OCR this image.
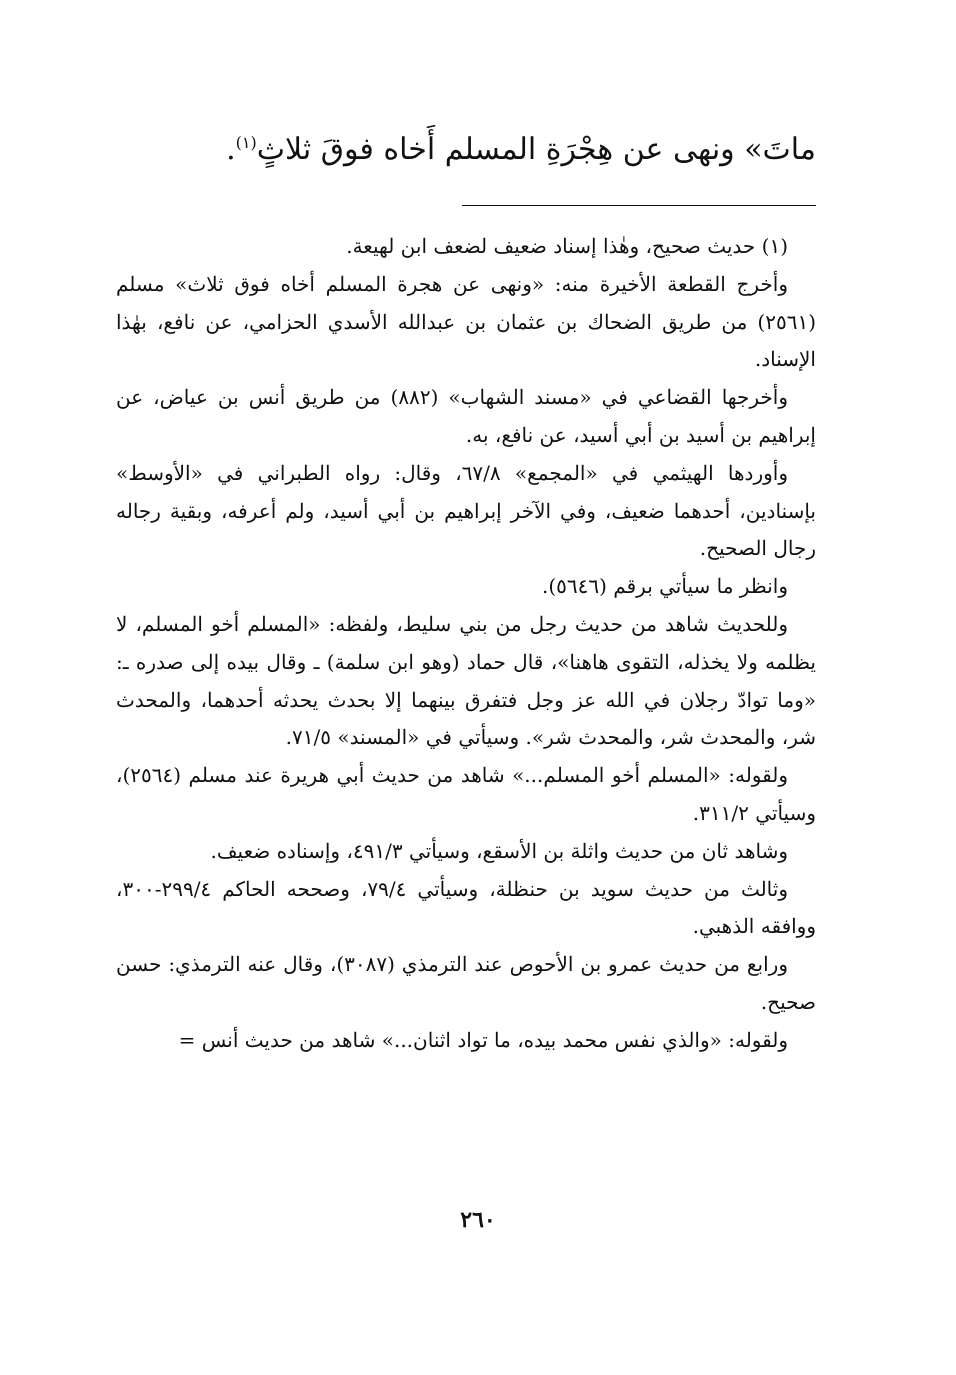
ماتَ» ونهى عن هِجْرَةِ المسلم أَخاه فوقَ ثلاثٍ$^{(١)}$.

(١) حديث صحيح، وهٰذا إسناد ضعيف لضعف ابن لهيعة.

وأخرج القطعة الأخيرة منه: «ونهى عن هجرة المسلم أخاه فوق ثلاث» مسلم (٢٥٦١) من طريق الضحاك بن عثمان بن عبدالله الأسدي الحزامي، عن نافع، بهٰذا الإسناد.

وأخرجها القضاعي في «مسند الشهاب» (٨٨٢) من طريق أنس بن عياض، عن إبراهيم بن أسيد بن أبي أسيد، عن نافع، به.

وأوردها الهيثمي في «المجمع» ٦٧/٨، وقال: رواه الطبراني في «الأوسط» بإسنادين، أحدهما ضعيف، وفي الآخر إبراهيم بن أبي أسيد، ولم أعرفه، وبقية رجاله رجال الصحيح.

وانظر ما سيأتي برقم (٥٦٤٦).

وللحديث شاهد من حديث رجل من بني سليط، ولفظه: «المسلم أخو المسلم، لا يظلمه ولا يخذله، التقوى هاهنا»، قال حماد (وهو ابن سلمة) ـ وقال بيده إلى صدره ـ: «وما توادّ رجلان في الله عز وجل فتفرق بينهما إلا بحدث يحدثه أحدهما، والمحدث شر، والمحدث شر، والمحدث شر». وسيأتي في «المسند» ٧١/٥.

ولقوله: «المسلم أخو المسلم...» شاهد من حديث أبي هريرة عند مسلم (٢٥٦٤)، وسيأتي ٣١١/٢.

وشاهد ثان من حديث واثلة بن الأسقع، وسيأتي ٤٩١/٣، وإسناده ضعيف.

وثالث من حديث سويد بن حنظلة، وسيأتي ٧٩/٤، وصححه الحاكم ٢٩٩/٤-٣٠٠، ووافقه الذهبي.

ورابع من حديث عمرو بن الأحوص عند الترمذي (٣٠٨٧)، وقال عنه الترمذي: حسن صحيح.

ولقوله: «والذي نفس محمد بيده، ما تواد اثنان...» شاهد من حديث أنس =

٢٦٠
